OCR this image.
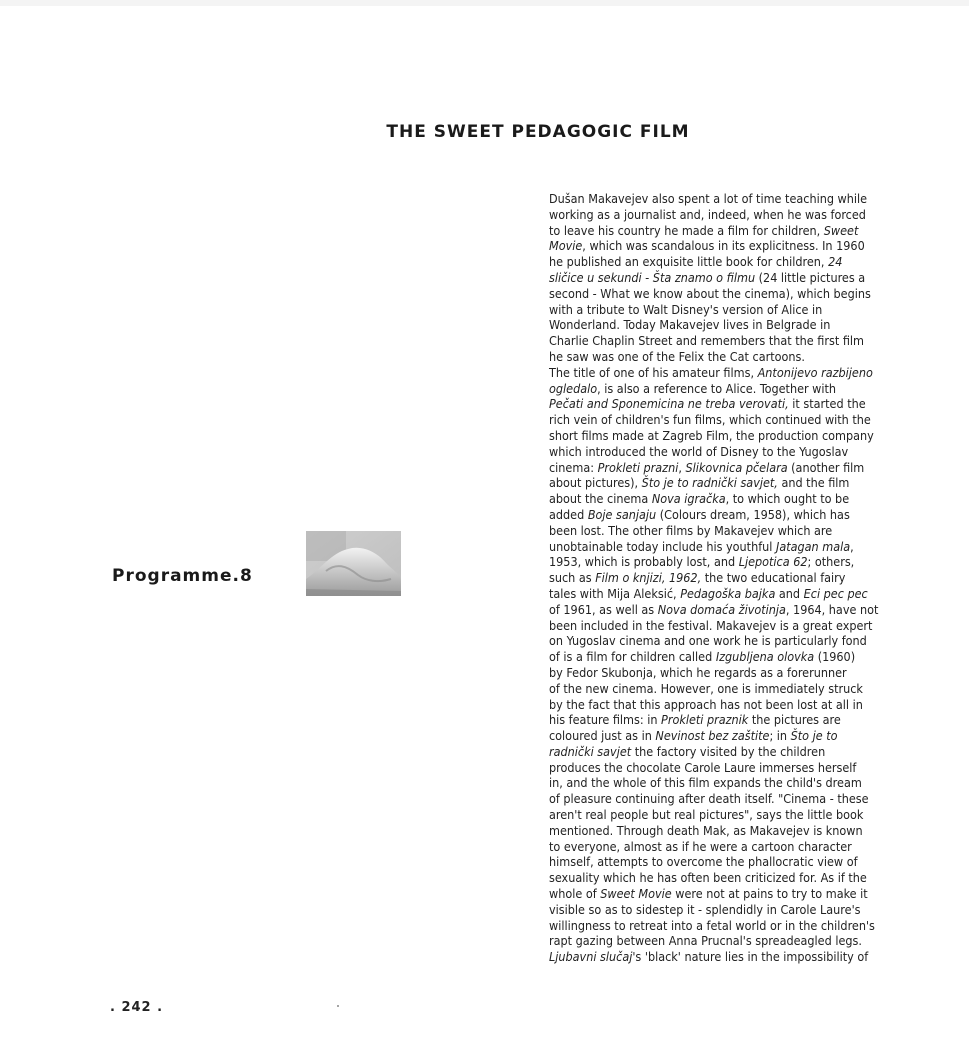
THE SWEET PEDAGOGIC FILM
Programme.8
Dušan Makavejev also spent a lot of time teaching while
working as a journalist and, indeed, when he was forced
to leave his country he made a film for children, Sweet
Movie, which was scandalous in its explicitness. In 1960
he published an exquisite little book for children, 24
sličice u sekundi - Šta znamo o filmu (24 little pictures a
second - What we know about the cinema), which begins
with a tribute to Walt Disney's version of Alice in
Wonderland. Today Makavejev lives in Belgrade in
Charlie Chaplin Street and remembers that the first film
he saw was one of the Felix the Cat cartoons.
The title of one of his amateur films, Antonijevo razbijeno
ogledalo, is also a reference to Alice. Together with
Pečati and Sponemicina ne treba verovati, it started the
rich vein of children's fun films, which continued with the
short films made at Zagreb Film, the production company
which introduced the world of Disney to the Yugoslav
cinema: Prokleti prazni, Slikovnica pčelara (another film
about pictures), Što je to radnički savjet, and the film
about the cinema Nova igračka, to which ought to be
added Boje sanjaju (Colours dream, 1958), which has
been lost. The other films by Makavejev which are
unobtainable today include his youthful Jatagan mala,
1953, which is probably lost, and Ljepotica 62; others,
such as Film o knjizi, 1962, the two educational fairy
tales with Mija Aleksić, Pedagoška bajka and Eci pec pec
of 1961, as well as Nova domaća životinja, 1964, have not
been included in the festival. Makavejev is a great expert
on Yugoslav cinema and one work he is particularly fond
of is a film for children called Izgubljena olovka (1960)
by Fedor Skubonja, which he regards as a forerunner
of the new cinema. However, one is immediately struck
by the fact that this approach has not been lost at all in
his feature films: in Prokleti praznik the pictures are
coloured just as in Nevinost bez zaštite; in Što je to
radnički savjet the factory visited by the children
produces the chocolate Carole Laure immerses herself
in, and the whole of this film expands the child's dream
of pleasure continuing after death itself. "Cinema - these
aren't real people but real pictures", says the little book
mentioned. Through death Mak, as Makavejev is known
to everyone, almost as if he were a cartoon character
himself, attempts to overcome the phallocratic view of
sexuality which he has often been criticized for. As if the
whole of Sweet Movie were not at pains to try to make it
visible so as to sidestep it - splendidly in Carole Laure's
willingness to retreat into a fetal world or in the children's
rapt gazing between Anna Prucnal's spreadeagled legs.
Ljubavni slučaj's 'black' nature lies in the impossibility of
. 242 .
